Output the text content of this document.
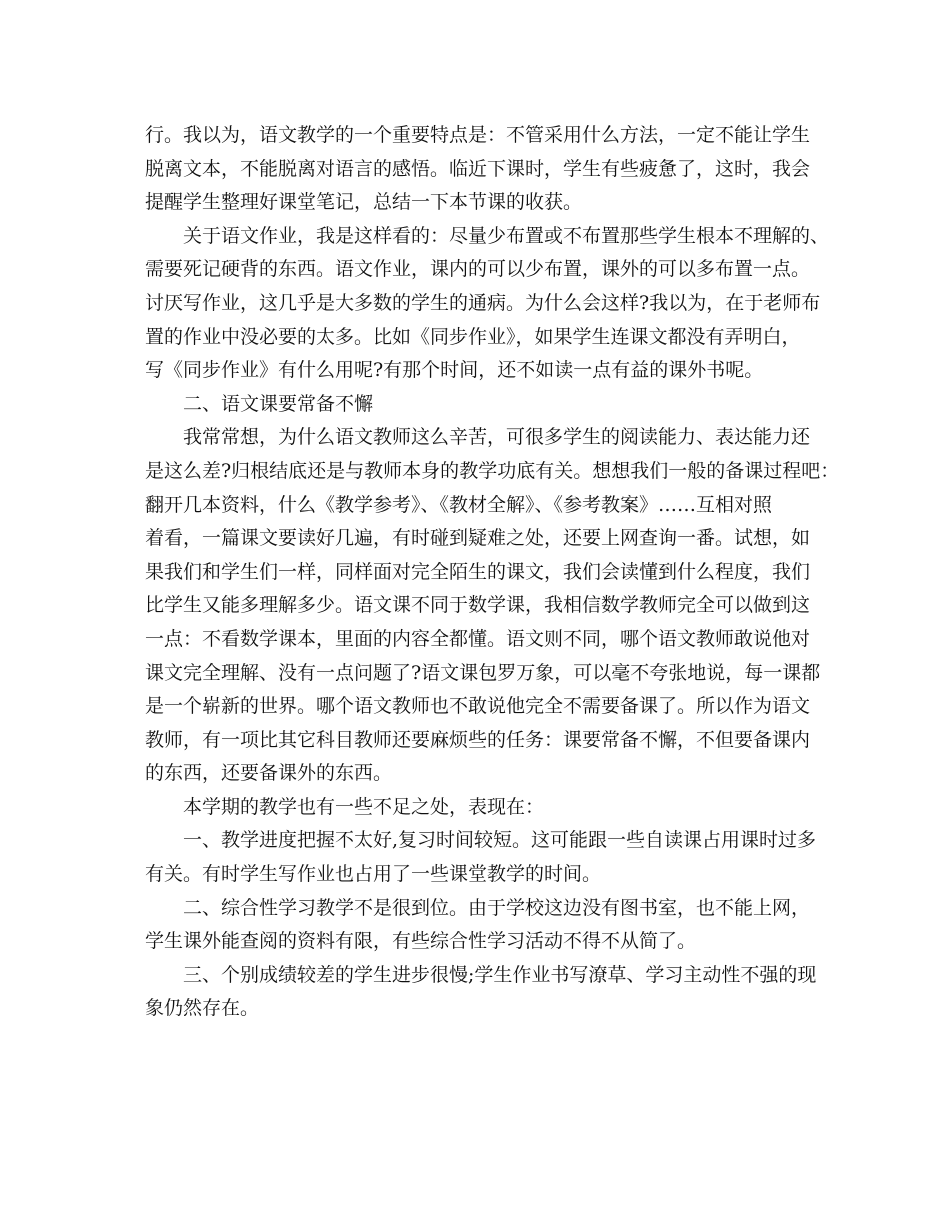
行。我以为，语文教学的一个重要特点是：不管采用什么方法，一定不能让学生
脱离文本，不能脱离对语言的感悟。临近下课时，学生有些疲惫了，这时，我会
提醒学生整理好课堂笔记，总结一下本节课的收获。
关于语文作业，我是这样看的：尽量少布置或不布置那些学生根本不理解的、
需要死记硬背的东西。语文作业，课内的可以少布置，课外的可以多布置一点。
讨厌写作业，这几乎是大多数的学生的通病。为什么会这样?我以为，在于老师布
置的作业中没必要的太多。比如《同步作业》，如果学生连课文都没有弄明白，
写《同步作业》有什么用呢?有那个时间，还不如读一点有益的课外书呢。
二、语文课要常备不懈
我常常想，为什么语文教师这么辛苦，可很多学生的阅读能力、表达能力还
是这么差?归根结底还是与教师本身的教学功底有关。想想我们一般的备课过程吧：
翻开几本资料，什么《教学参考》、《教材全解》、《参考教案》……互相对照
着看，一篇课文要读好几遍，有时碰到疑难之处，还要上网查询一番。试想，如
果我们和学生们一样，同样面对完全陌生的课文，我们会读懂到什么程度，我们
比学生又能多理解多少。语文课不同于数学课，我相信数学教师完全可以做到这
一点：不看数学课本，里面的内容全都懂。语文则不同，哪个语文教师敢说他对
课文完全理解、没有一点问题了?语文课包罗万象，可以毫不夸张地说，每一课都
是一个崭新的世界。哪个语文教师也不敢说他完全不需要备课了。所以作为语文
教师，有一项比其它科目教师还要麻烦些的任务：课要常备不懈，不但要备课内
的东西，还要备课外的东西。
本学期的教学也有一些不足之处，表现在：
一、教学进度把握不太好,复习时间较短。这可能跟一些自读课占用课时过多
有关。有时学生写作业也占用了一些课堂教学的时间。
二、综合性学习教学不是很到位。由于学校这边没有图书室，也不能上网，
学生课外能查阅的资料有限，有些综合性学习活动不得不从简了。
三、个别成绩较差的学生进步很慢;学生作业书写潦草、学习主动性不强的现
象仍然存在。
